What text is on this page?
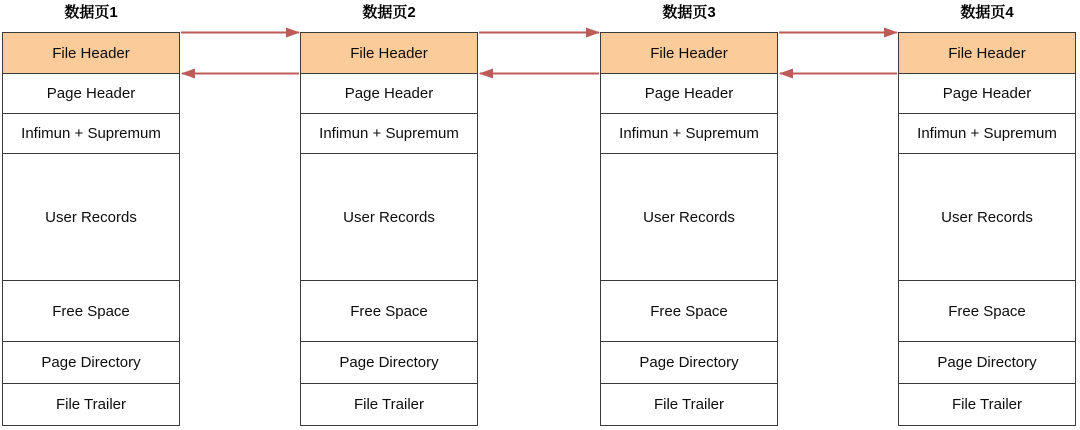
数据页1	数据页2	数据页3	数据页4
File Header
Page Header
Infimun + Supremum
User Records
Free Space
Page Directory
File Trailer
File Header
Page Header
Infimun + Supremum
User Records
Free Space
Page Directory
File Trailer
File Header
Page Header
Infimun + Supremum
User Records
Free Space
Page Directory
File Trailer
File Header
Page Header
Infimun + Supremum
User Records
Free Space
Page Directory
File Trailer
